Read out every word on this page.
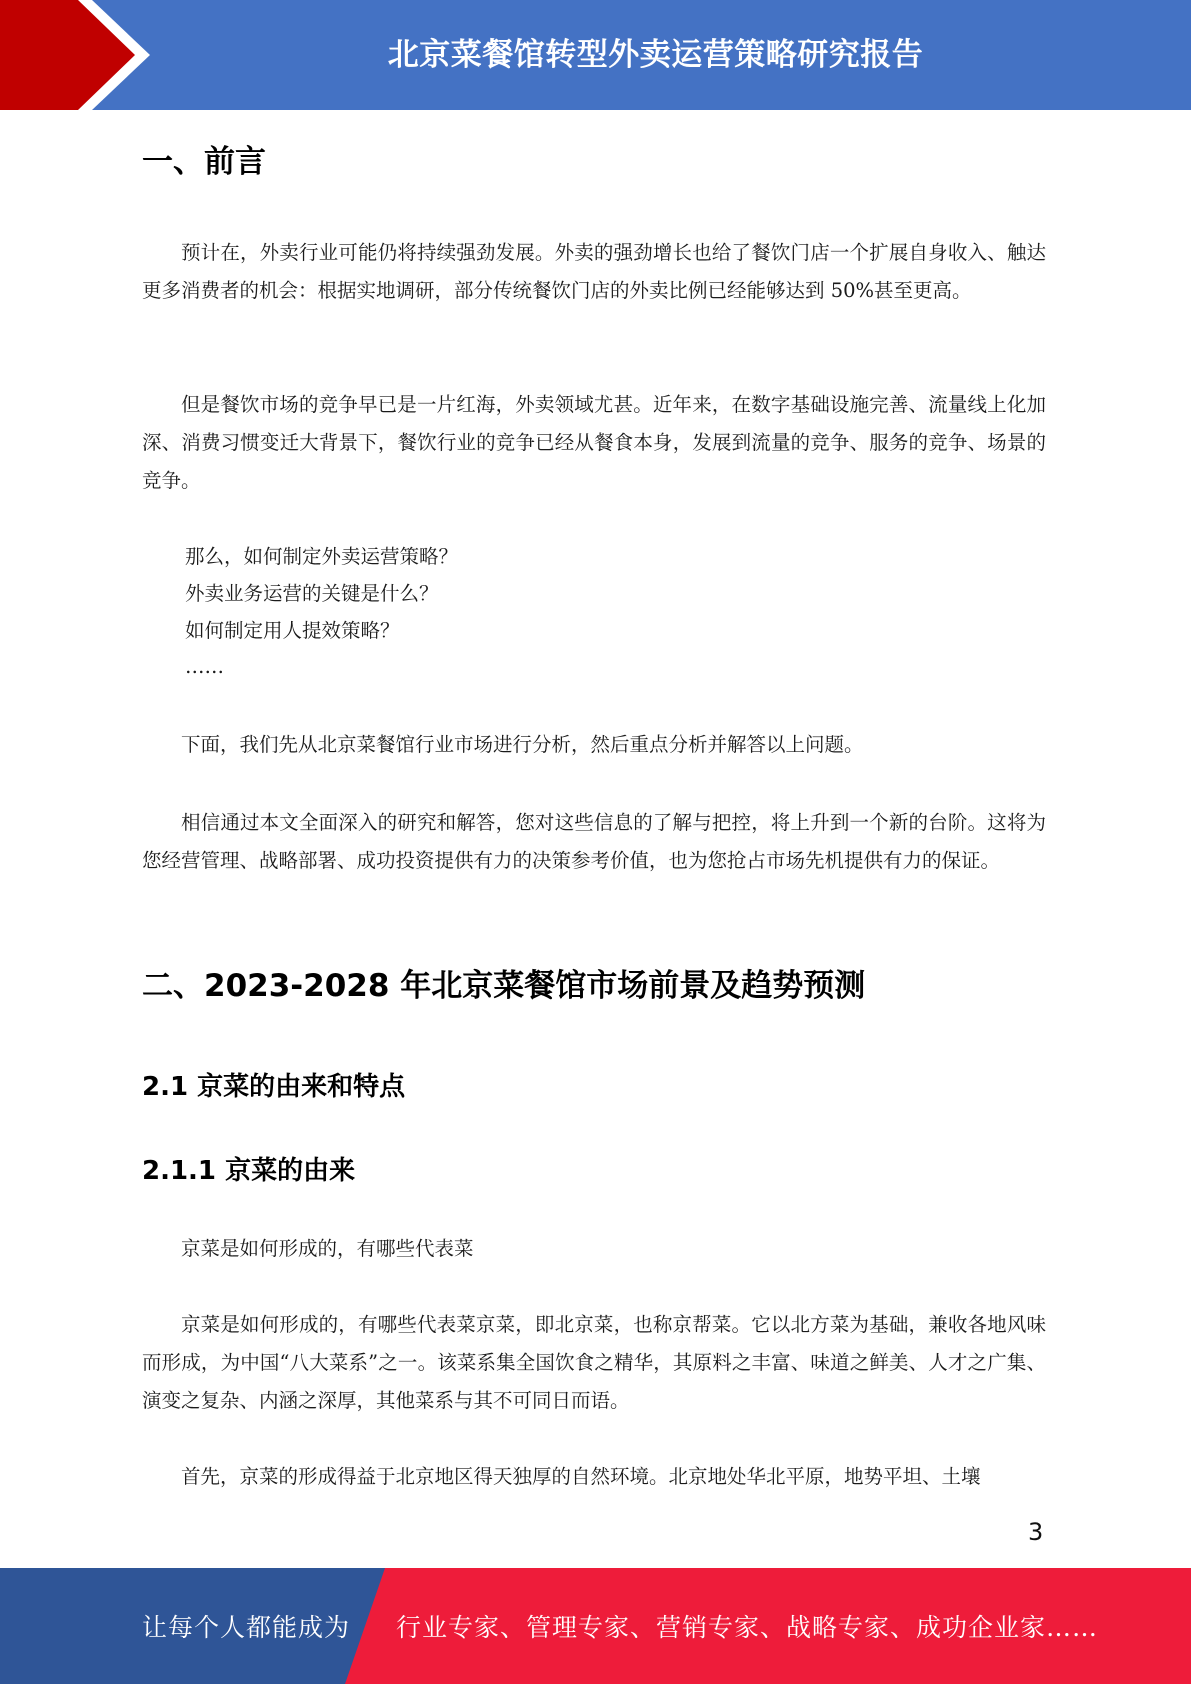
北京菜餐馆转型外卖运营策略研究报告
一、前言

预计在，外卖行业可能仍将持续强劲发展。外卖的强劲增长也给了餐饮门店一个扩展自身收入、触达更多消费者的机会：根据实地调研，部分传统餐饮门店的外卖比例已经能够达到 50%甚至更高。

但是餐饮市场的竞争早已是一片红海，外卖领域尤甚。近年来，在数字基础设施完善、流量线上化加深、消费习惯变迁大背景下，餐饮行业的竞争已经从餐食本身，发展到流量的竞争、服务的竞争、场景的竞争。

那么，如何制定外卖运营策略？

外卖业务运营的关键是什么？

如何制定用人提效策略？

……

下面，我们先从北京菜餐馆行业市场进行分析，然后重点分析并解答以上问题。

相信通过本文全面深入的研究和解答，您对这些信息的了解与把控，将上升到一个新的台阶。这将为您经营管理、战略部署、成功投资提供有力的决策参考价值，也为您抢占市场先机提供有力的保证。

二、2023-2028 年北京菜餐馆市场前景及趋势预测
2.1 京菜的由来和特点
2.1.1 京菜的由来

京菜是如何形成的，有哪些代表菜

京菜是如何形成的，有哪些代表菜京菜，即北京菜，也称京帮菜。它以北方菜为基础，兼收各地风味而形成，为中国“八大菜系”之一。该菜系集全国饮食之精华，其原料之丰富、味道之鲜美、人才之广集、演变之复杂、内涵之深厚，其他菜系与其不可同日而语。

首先，京菜的形成得益于北京地区得天独厚的自然环境。北京地处华北平原，地势平坦、土壤

3
让每个人都能成为 行业专家、管理专家、营销专家、战略专家、成功企业家……
